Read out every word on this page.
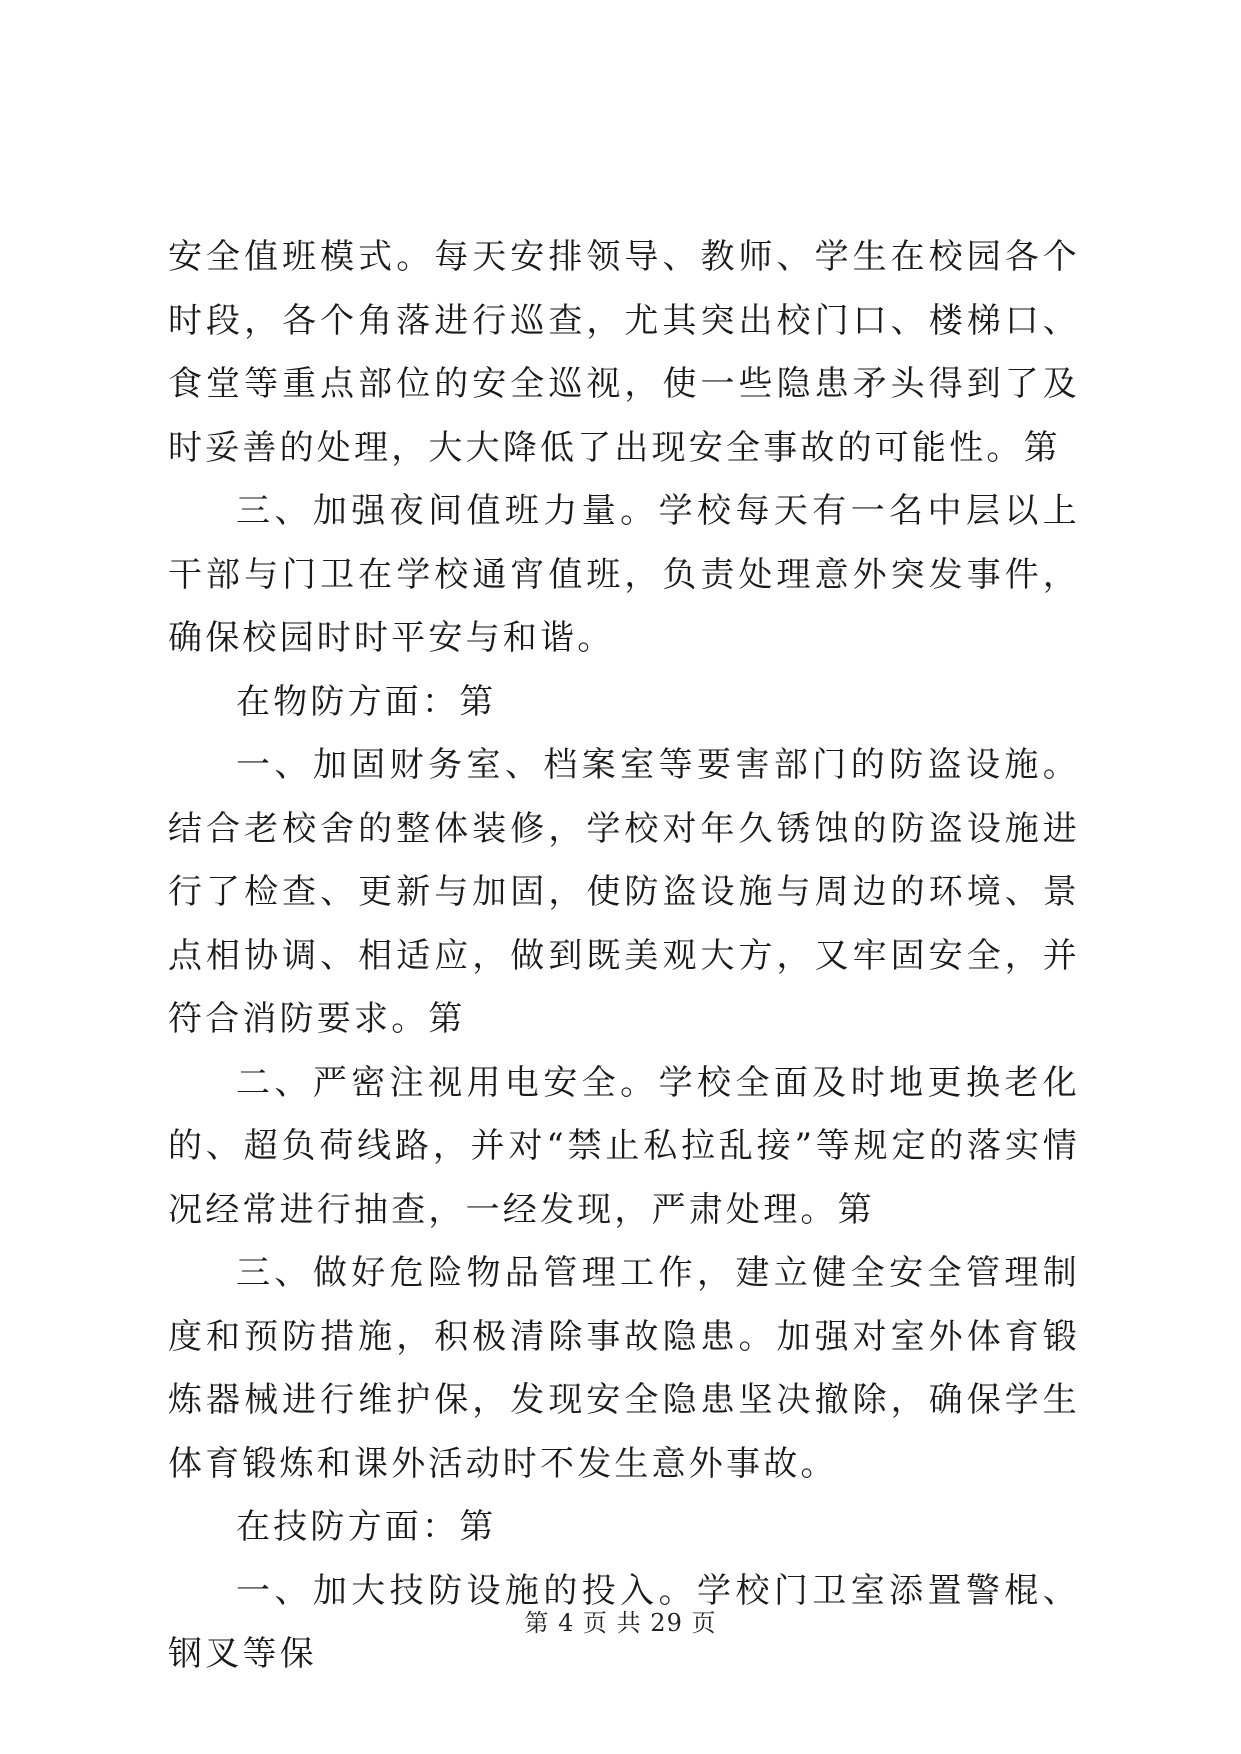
安全值班模式。每天安排领导、教师、学生在校园各个时段，各个角落进行巡查，尤其突出校门口、楼梯口、食堂等重点部位的安全巡视，使一些隐患矛头得到了及时妥善的处理，大大降低了出现安全事故的可能性。第

三、加强夜间值班力量。学校每天有一名中层以上干部与门卫在学校通宵值班，负责处理意外突发事件，确保校园时时平安与和谐。

在物防方面：第

一、加固财务室、档案室等要害部门的防盗设施。结合老校舍的整体装修，学校对年久锈蚀的防盗设施进行了检查、更新与加固，使防盗设施与周边的环境、景点相协调、相适应，做到既美观大方，又牢固安全，并符合消防要求。第

二、严密注视用电安全。学校全面及时地更换老化的、超负荷线路，并对“禁止私拉乱接”等规定的落实情况经常进行抽查，一经发现，严肃处理。第

三、做好危险物品管理工作，建立健全安全管理制度和预防措施，积极清除事故隐患。加强对室外体育锻炼器械进行维护保，发现安全隐患坚决撤除，确保学生体育锻炼和课外活动时不发生意外事故。

在技防方面：第

一、加大技防设施的投入。学校门卫室添置警棍、钢叉等保

第 4 页 共 29 页
